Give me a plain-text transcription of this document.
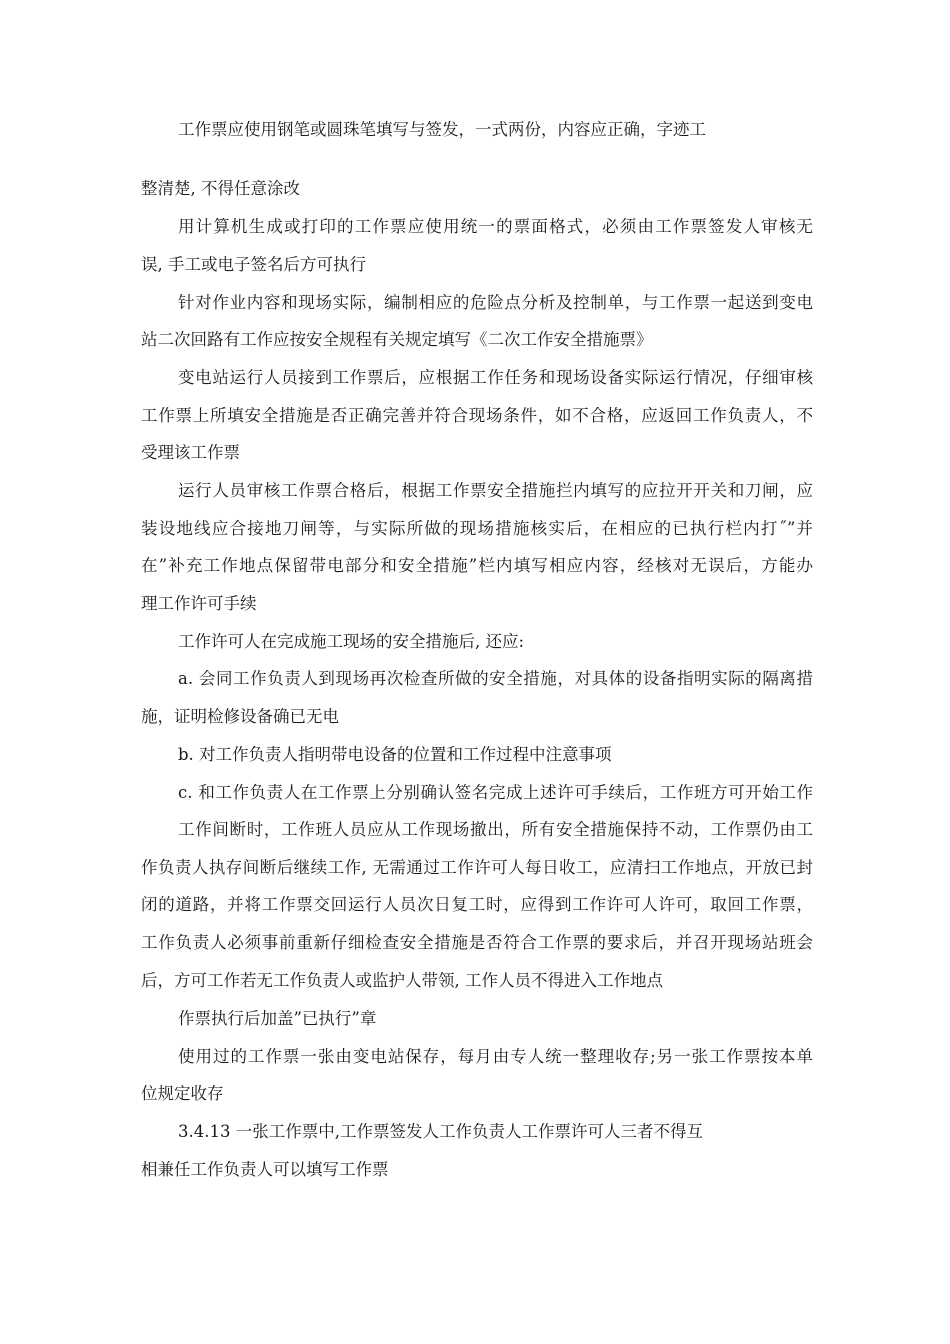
工作票应使用钢笔或圆珠笔填写与签发，一式两份，内容应正确，字迹工
整清楚, 不得任意涂改
用计算机生成或打印的工作票应使用统一的票面格式，必须由工作票签发人审核无
误, 手工或电子签名后方可执行
针对作业内容和现场实际，编制相应的危险点分析及控制单，与工作票一起送到变电
站二次回路有工作应按安全规程有关规定填写《二次工作安全措施票》
变电站运行人员接到工作票后，应根据工作任务和现场设备实际运行情况，仔细审核
工作票上所填安全措施是否正确完善并符合现场条件，如不合格，应返回工作负责人，不
受理该工作票
运行人员审核工作票合格后，根据工作票安全措施拦内填写的应拉开开关和刀闸，应
装设地线应合接地刀闸等，与实际所做的现场措施核实后，在相应的已执行栏内打˝”并
在”补充工作地点保留带电部分和安全措施”栏内填写相应内容，经核对无误后，方能办
理工作许可手续
工作许可人在完成施工现场的安全措施后, 还应:
a. 会同工作负责人到现场再次检查所做的安全措施，对具体的设备指明实际的隔离措
施，证明检修设备确已无电
b. 对工作负责人指明带电设备的位置和工作过程中注意事项
c. 和工作负责人在工作票上分别确认签名完成上述许可手续后，工作班方可开始工作
工作间断时，工作班人员应从工作现场撤出，所有安全措施保持不动，工作票仍由工
作负责人执存间断后继续工作, 无需通过工作许可人每日收工，应清扫工作地点，开放已封
闭的道路，并将工作票交回运行人员次日复工时，应得到工作许可人许可，取回工作票，
工作负责人必须事前重新仔细检查安全措施是否符合工作票的要求后，并召开现场站班会
后，方可工作若无工作负责人或监护人带领, 工作人员不得进入工作地点
作票执行后加盖”已执行”章
使用过的工作票一张由变电站保存，每月由专人统一整理收存;另一张工作票按本单
位规定收存
3.4.13 一张工作票中,工作票签发人工作负责人工作票许可人三者不得互
相兼任工作负责人可以填写工作票
